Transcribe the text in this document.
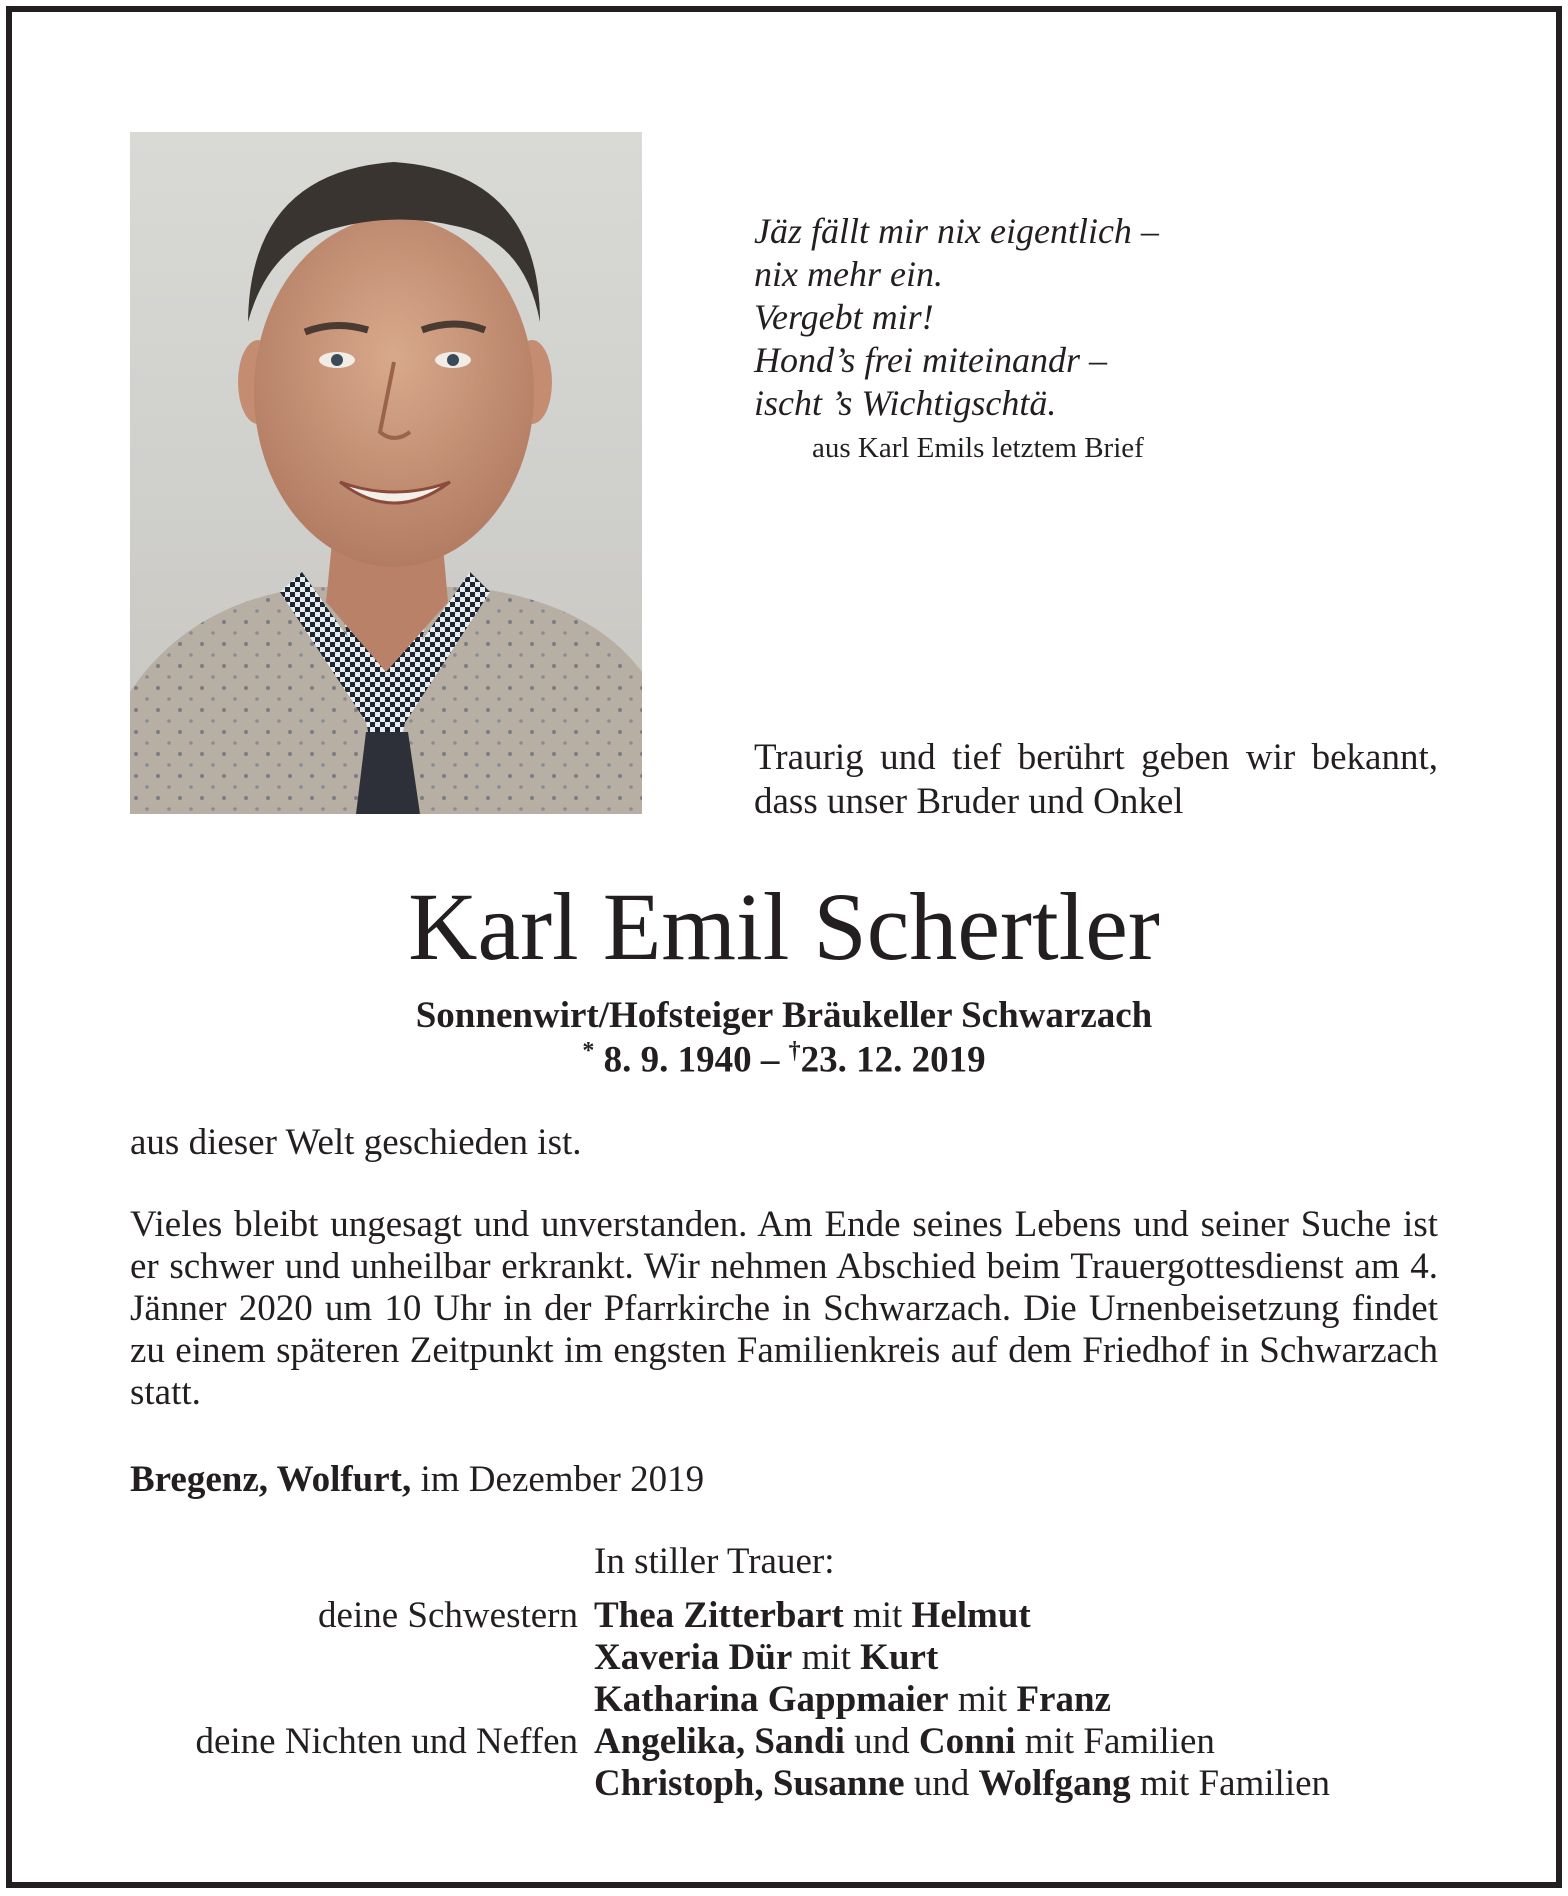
Jäz fällt mir nix eigentlich –
nix mehr ein.
Vergebt mir!
Hond’s frei miteinandr –
ischt ’s Wichtigschtä.
aus Karl Emils letztem Brief
Traurig und tief berührt geben wir bekannt, dass unser Bruder und Onkel
Karl Emil Schertler
Sonnenwirt/Hofsteiger Bräukeller Schwarzach
* 8. 9. 1940 – †23. 12. 2019
aus dieser Welt geschieden ist.
Vieles bleibt ungesagt und unverstanden. Am Ende seines Lebens und seiner Suche ist er schwer und unheilbar erkrankt. Wir nehmen Abschied beim Trauergottesdienst am 4. Jänner 2020 um 10 Uhr in der Pfarrkirche in Schwarzach. Die Urnenbeisetzung findet zu einem späteren Zeitpunkt im engsten Familienkreis auf dem Friedhof in Schwarzach statt.
Bregenz, Wolfurt, im Dezember 2019
In stiller Trauer:
deine Schwestern Thea Zitterbart mit Helmut
Xaveria Dür mit Kurt
Katharina Gappmaier mit Franz
deine Nichten und Neffen Angelika, Sandi und Conni mit Familien
Christoph, Susanne und Wolfgang mit Familien
